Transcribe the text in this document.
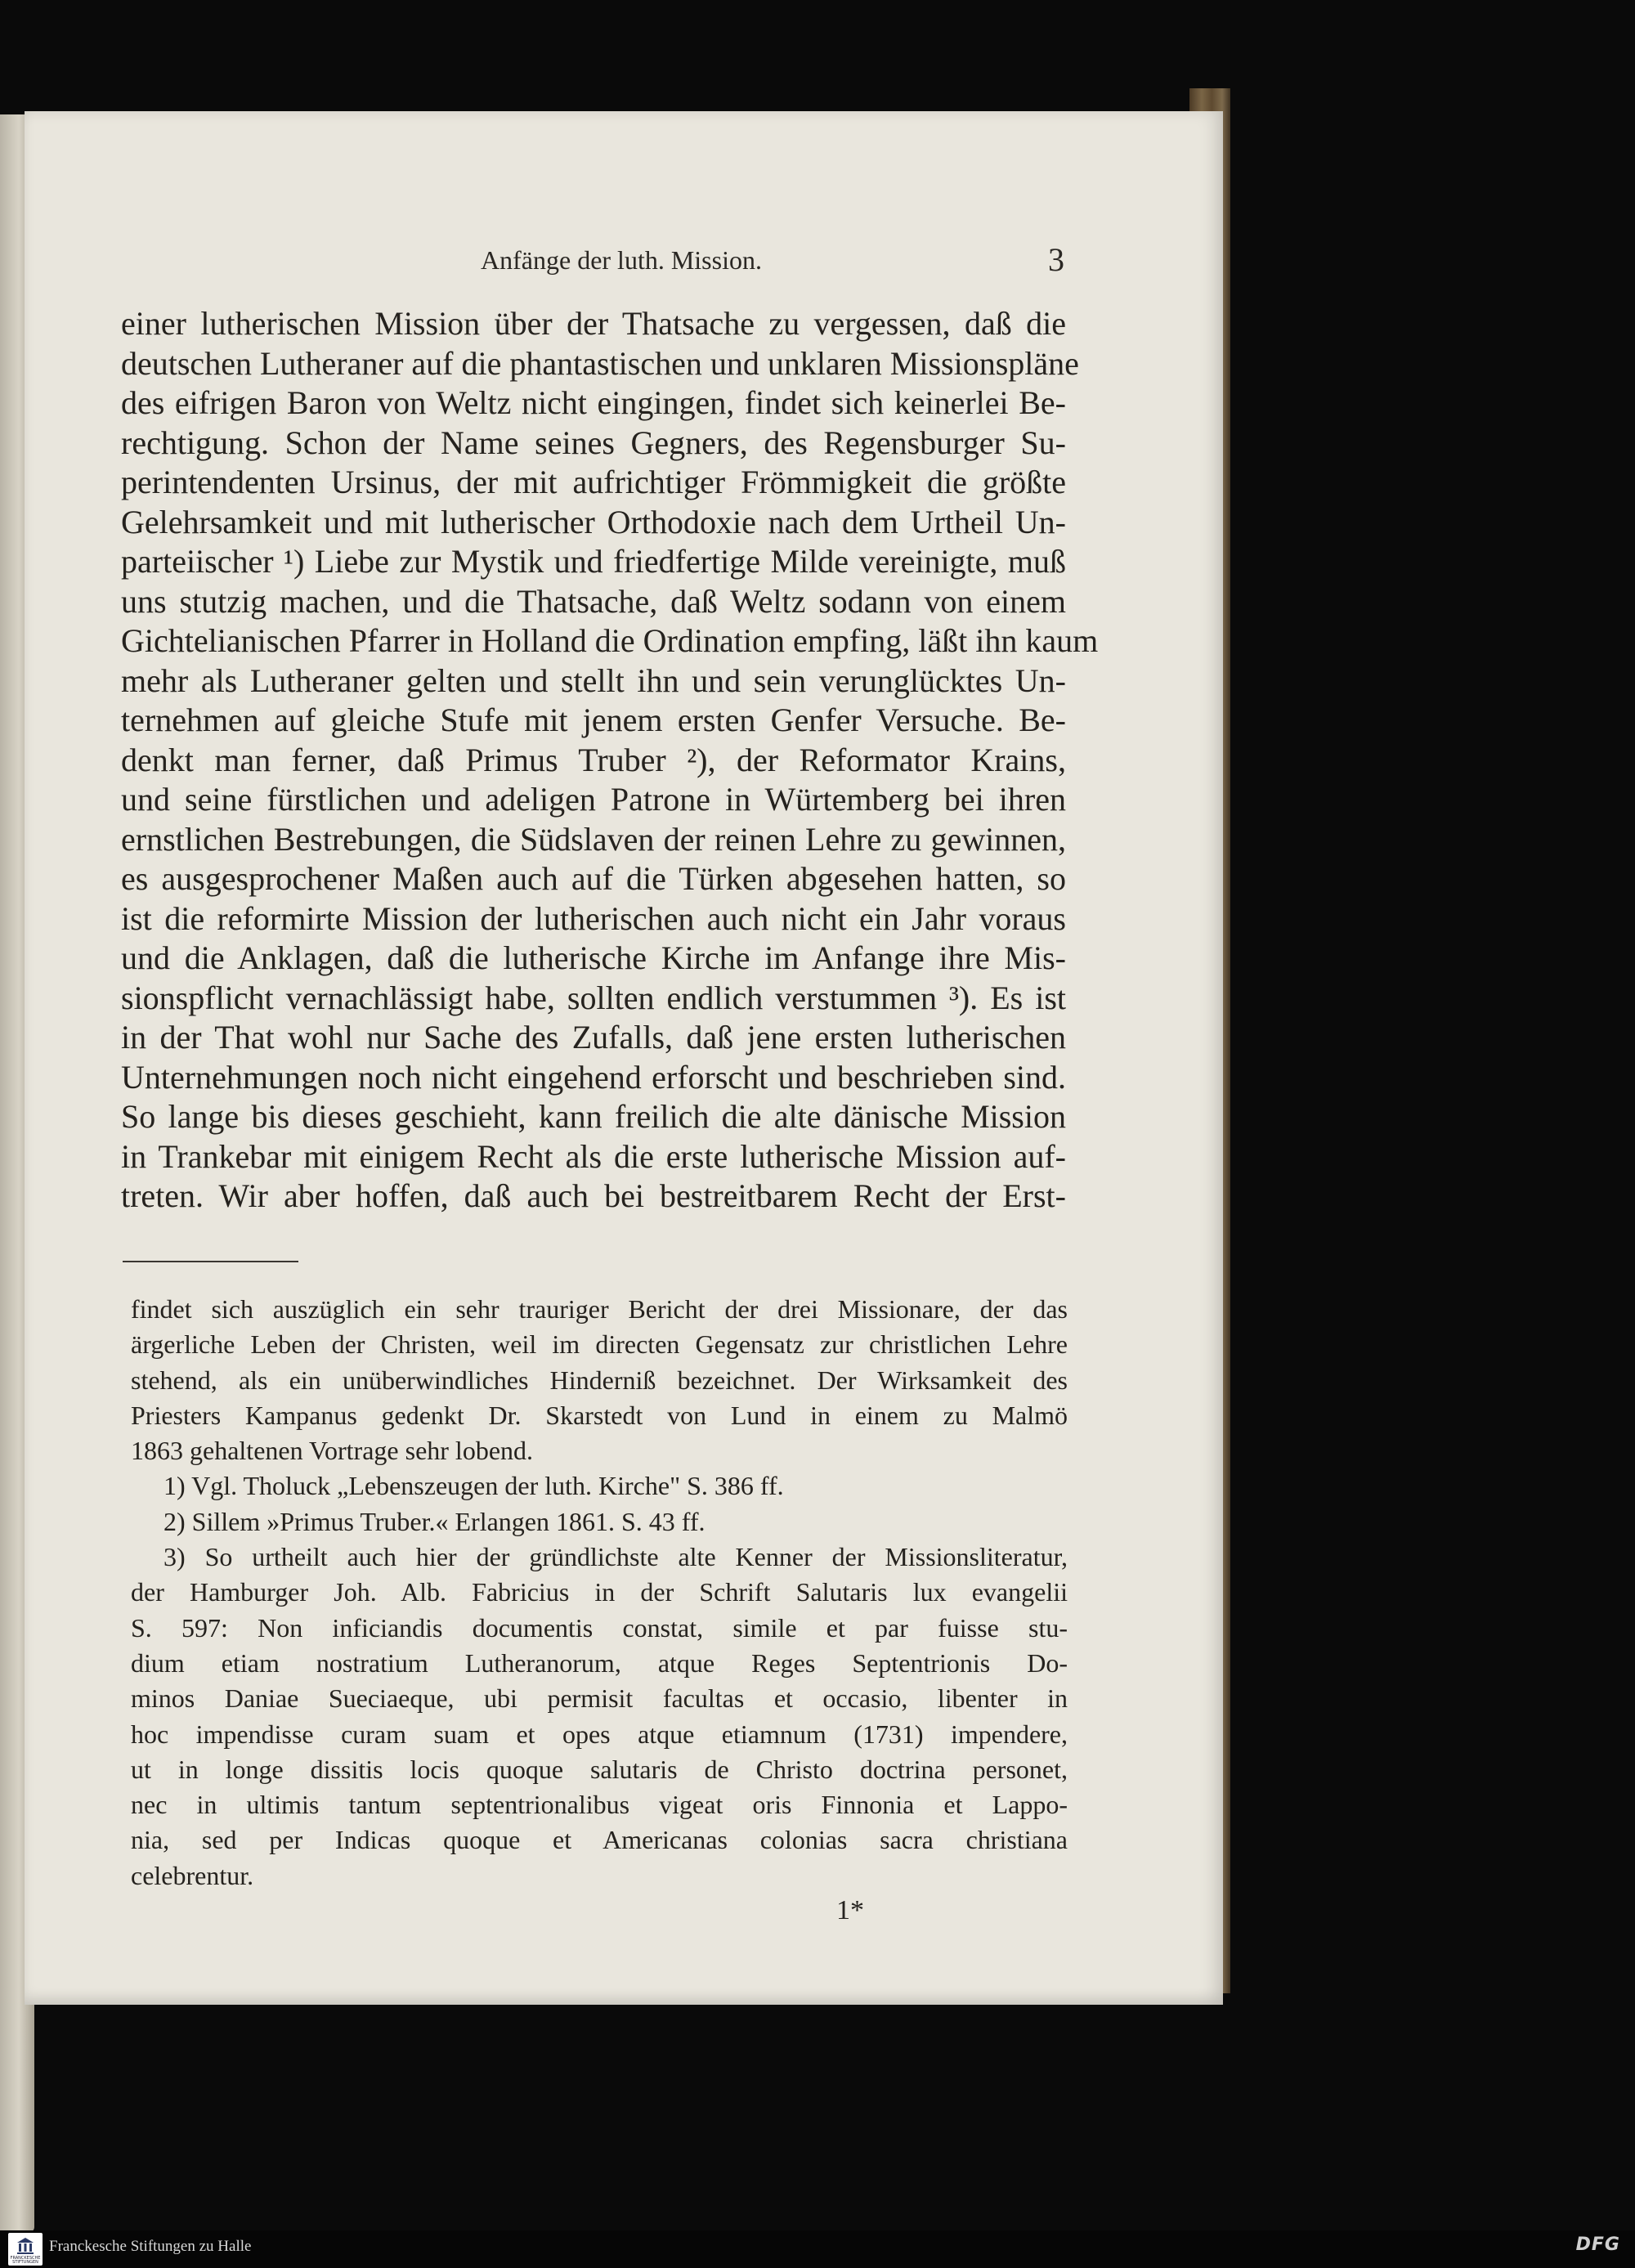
Anfänge der luth. Mission.	3
einer lutherischen Mission über der Thatsache zu vergessen, daß die
deutschen Lutheraner auf die phantastischen und unklaren Missionspläne
des eifrigen Baron von Weltz nicht eingingen, findet sich keinerlei Be-
rechtigung. Schon der Name seines Gegners, des Regensburger Su-
perintendenten Ursinus, der mit aufrichtiger Frömmigkeit die größte
Gelehrsamkeit und mit lutherischer Orthodoxie nach dem Urtheil Un-
parteiischer ¹) Liebe zur Mystik und friedfertige Milde vereinigte, muß
uns stutzig machen, und die Thatsache, daß Weltz sodann von einem
Gichtelianischen Pfarrer in Holland die Ordination empfing, läßt ihn kaum
mehr als Lutheraner gelten und stellt ihn und sein verunglücktes Un-
ternehmen auf gleiche Stufe mit jenem ersten Genfer Versuche. Be-
denkt man ferner, daß Primus Truber ²), der Reformator Krains,
und seine fürstlichen und adeligen Patrone in Würtemberg bei ihren
ernstlichen Bestrebungen, die Südslaven der reinen Lehre zu gewinnen,
es ausgesprochener Maßen auch auf die Türken abgesehen hatten, so
ist die reformirte Mission der lutherischen auch nicht ein Jahr voraus
und die Anklagen, daß die lutherische Kirche im Anfange ihre Mis-
sionspflicht vernachlässigt habe, sollten endlich verstummen ³). Es ist
in der That wohl nur Sache des Zufalls, daß jene ersten lutherischen
Unternehmungen noch nicht eingehend erforscht und beschrieben sind.
So lange bis dieses geschieht, kann freilich die alte dänische Mission
in Trankebar mit einigem Recht als die erste lutherische Mission auf-
treten. Wir aber hoffen, daß auch bei bestreitbarem Recht der Erst-
findet sich auszüglich ein sehr trauriger Bericht der drei Missionare, der das
ärgerliche Leben der Christen, weil im directen Gegensatz zur christlichen Lehre
stehend, als ein unüberwindliches Hinderniß bezeichnet. Der Wirksamkeit des
Priesters Kampanus gedenkt Dr. Skarstedt von Lund in einem zu Malmö
1863 gehaltenen Vortrage sehr lobend.
1) Vgl. Tholuck „Lebenszeugen der luth. Kirche" S. 386 ff.
2) Sillem »Primus Truber.« Erlangen 1861. S. 43 ff.
3) So urtheilt auch hier der gründlichste alte Kenner der Missionsliteratur,
der Hamburger Joh. Alb. Fabricius in der Schrift Salutaris lux evangelii
S. 597: Non inficiandis documentis constat, simile et par fuisse stu-
dium etiam nostratium Lutheranorum, atque Reges Septentrionis Do-
minos Daniae Sueciaeque, ubi permisit facultas et occasio, libenter in
hoc impendisse curam suam et opes atque etiamnum (1731) impendere,
ut in longe dissitis locis quoque salutaris de Christo doctrina personet,
nec in ultimis tantum septentrionalibus vigeat oris Finnonia et Lappo-
nia, sed per Indicas quoque et Americanas colonias sacra christiana
celebrentur.
1*
FRANCKESCHE STIFTUNGEN
Franckesche Stiftungen zu Halle	DFG
